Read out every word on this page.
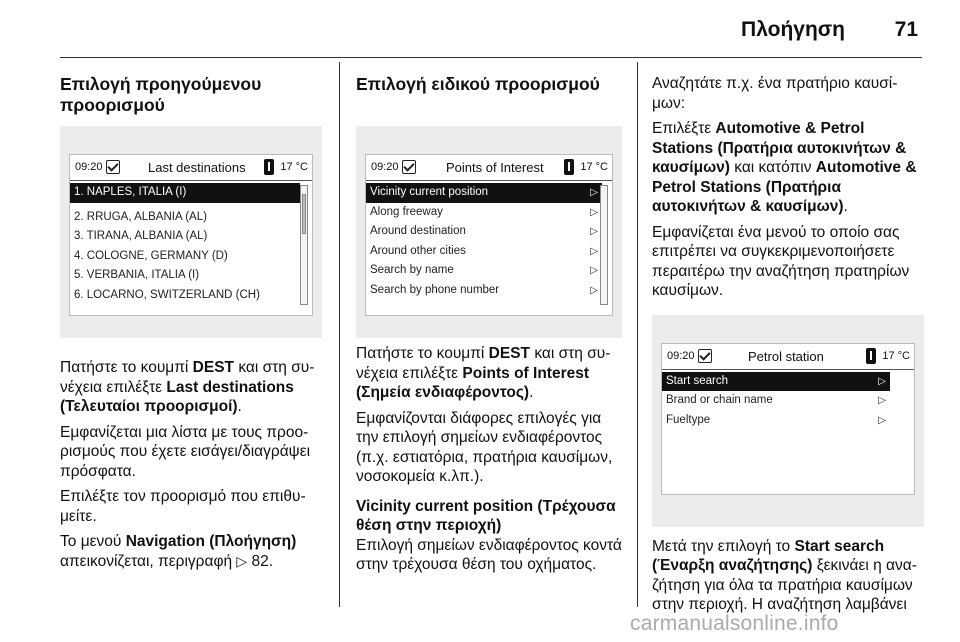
Πλοήγηση 71
Επιλογή προηγούμενου προορισμού
09:20	Last destinations	17 °C
1. NAPLES, ITALIA (I)
2. RRUGA, ALBANIA (AL)
3. TIRANA, ALBANIA (AL)
4. COLOGNE, GERMANY (D)
5. VERBANIA, ITALIA (I)
6. LOCARNO, SWITZERLAND (CH)

Πατήστε το κουμπί DEST και στη συνέχεια επιλέξτε Last destinations (Τελευταίοι προορισμοί).

Εμφανίζεται μια λίστα με τους προορισμούς που έχετε εισάγει/διαγράψει πρόσφατα.

Επιλέξτε τον προορισμό που επιθυμείτε.

Το μενού Navigation (Πλοήγηση) απεικονίζεται, περιγραφή ▷ 82.

Επιλογή ειδικού προορισμού
09:20	Points of Interest	17 °C
Vicinity current position	▷
Along freeway	▷
Around destination	▷
Around other cities	▷
Search by name	▷
Search by phone number	▷

Πατήστε το κουμπί DEST και στη συνέχεια επιλέξτε Points of Interest (Σημεία ενδιαφέροντος).

Εμφανίζονται διάφορες επιλογές για την επιλογή σημείων ενδιαφέροντος (π.χ. εστιατόρια, πρατήρια καυσίμων, νοσοκομεία κ.λπ.).

Vicinity current position (Τρέχουσα θέση στην περιοχή)
Επιλογή σημείων ενδιαφέροντος κοντά στην τρέχουσα θέση του οχήματος.

Αναζητάτε π.χ. ένα πρατήριο καυσίμων:

Επιλέξτε Automotive & Petrol Stations (Πρατήρια αυτοκινήτων & καυσίμων) και κατόπιν Automotive & Petrol Stations (Πρατήρια αυτοκινήτων & καυσίμων).

Εμφανίζεται ένα μενού το οποίο σας επιτρέπει να συγκεκριμενοποιήσετε περαιτέρω την αναζήτηση πρατηρίων καυσίμων.

09:20	Petrol station	17 °C
Start search	▷
Brand or chain name	▷
Fueltype	▷

Μετά την επιλογή το Start search (Έναρξη αναζήτησης) ξεκινάει η αναζήτηση για όλα τα πρατήρια καυσίμων στην περιοχή. Η αναζήτηση λαμβάνει

carmanualsonline.info
